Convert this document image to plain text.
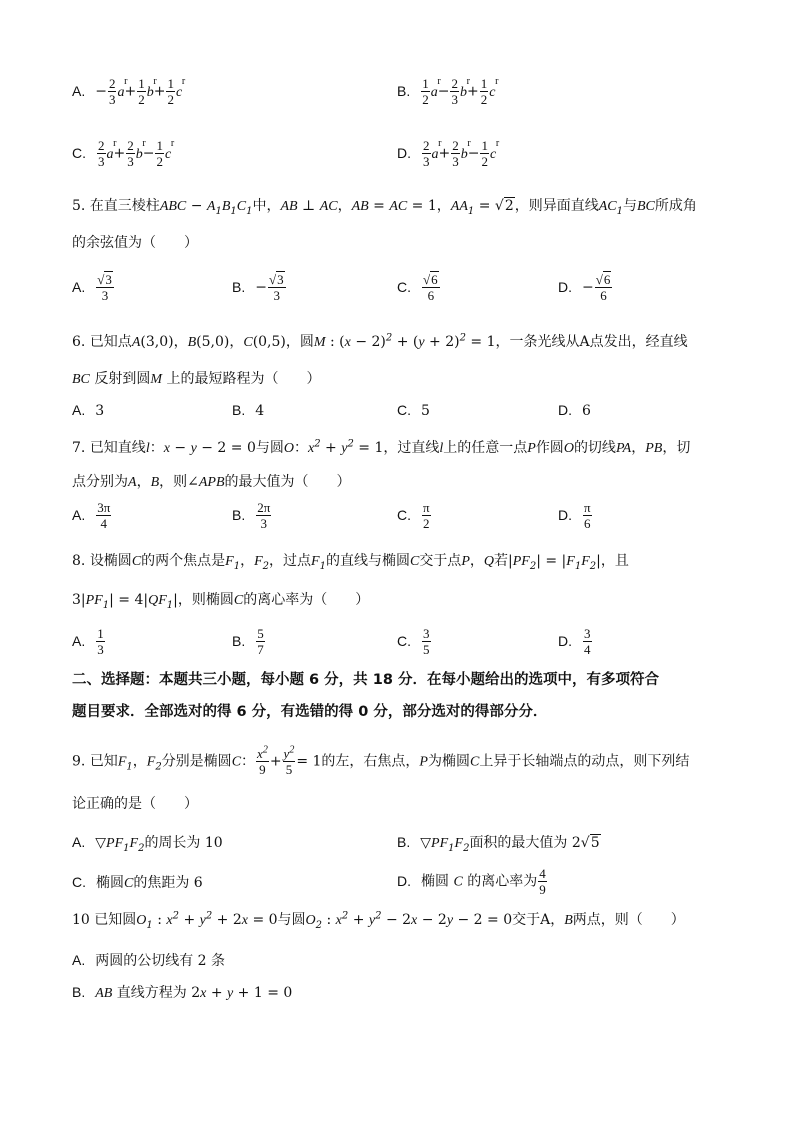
A. − $\frac{2}{3}$ r $a+ \frac{1}{2}$ r $b+ \frac{1}{2}$ r c	B. $\frac{1}{2}$ r $a- \frac{2}{3}$ r $b+ \frac{1}{2}$ r c
C. $\frac{2}{3}$ r $a+ \frac{2}{3}$ r $b- \frac{1}{2}$ r c	D. $\frac{2}{3}$ r $a+ \frac{2}{3}$ r $b- \frac{1}{2}$ r c
5. 在直三棱柱ABC − $A_1B_1C_1$中，AB ⊥ AC，AB = AC = 1，$AA_1 = √2$，则异面直线$AC_1$与BC所成角
的余弦值为（　　）
A. $\frac{√3}{3}$	B. − $\frac{√3}{3}$	C. $\frac{√6}{6}$	D. − $\frac{√6}{6}$
6. 已知点A(3,0)，B(5,0)，C(0,5)，圆M : $(x - 2)^2 + (y + 2)^2 = 1$，一条光线从A点发出，经直线
BC 反射到圆M 上的最短路程为（　　）
A. 3	B. 4	C. 5	D. 6
7. 已知直线l：x − y − 2 = 0与圆O：$x^2 + y^2 = 1$，过直线l上的任意一点P作圆O的切线PA，PB，切
点分别为A，B，则∠APB的最大值为（　　）
A. $\frac{3\pi}{4}$	B. $\frac{2\pi}{3}$	C. $\frac{\pi}{2}$	D. $\frac{\pi}{6}$
8. 设椭圆C的两个焦点是$F_1$，$F_2$，过点$F_1$的直线与椭圆C交于点P，Q若$|PF_2| = |F_1F_2|$，且
$3|PF_1| = 4|QF_1|$，则椭圆C的离心率为（　　）
A. $\frac{1}{3}$	B. $\frac{5}{7}$	C. $\frac{3}{5}$	D. $\frac{3}{4}$
二、选择题：本题共三小题，每小题 6 分，共 18 分．在每小题给出的选项中，有多项符合
题目要求．全部选对的得 6 分，有选错的得 0 分，部分选对的得部分分．
9. 已知$F_1$，$F_2$分别是椭圆C： $\frac{x^2}{9} + \frac{y^2}{5} = 1$的左，右焦点，P为椭圆C上异于长轴端点的动点，则下列结
论正确的是（　　）
A. $▽PF_1F_2$的周长为 10	B. $▽PF_1F_2$面积的最大值为 2√5
C. 椭圆C的焦距为 6	D. 椭圆 C 的离心率为 $\frac{4}{9}$
10 已知圆$O_1$ : $x^2 + y^2 + 2x = 0$与圆$O_2$ : $x^2 + y^2 - 2x - 2y - 2 = 0$交于A，B两点，则（　　）
A. 两圆的公切线有 2 条
B. AB 直线方程为 2x + y + 1 = 0
